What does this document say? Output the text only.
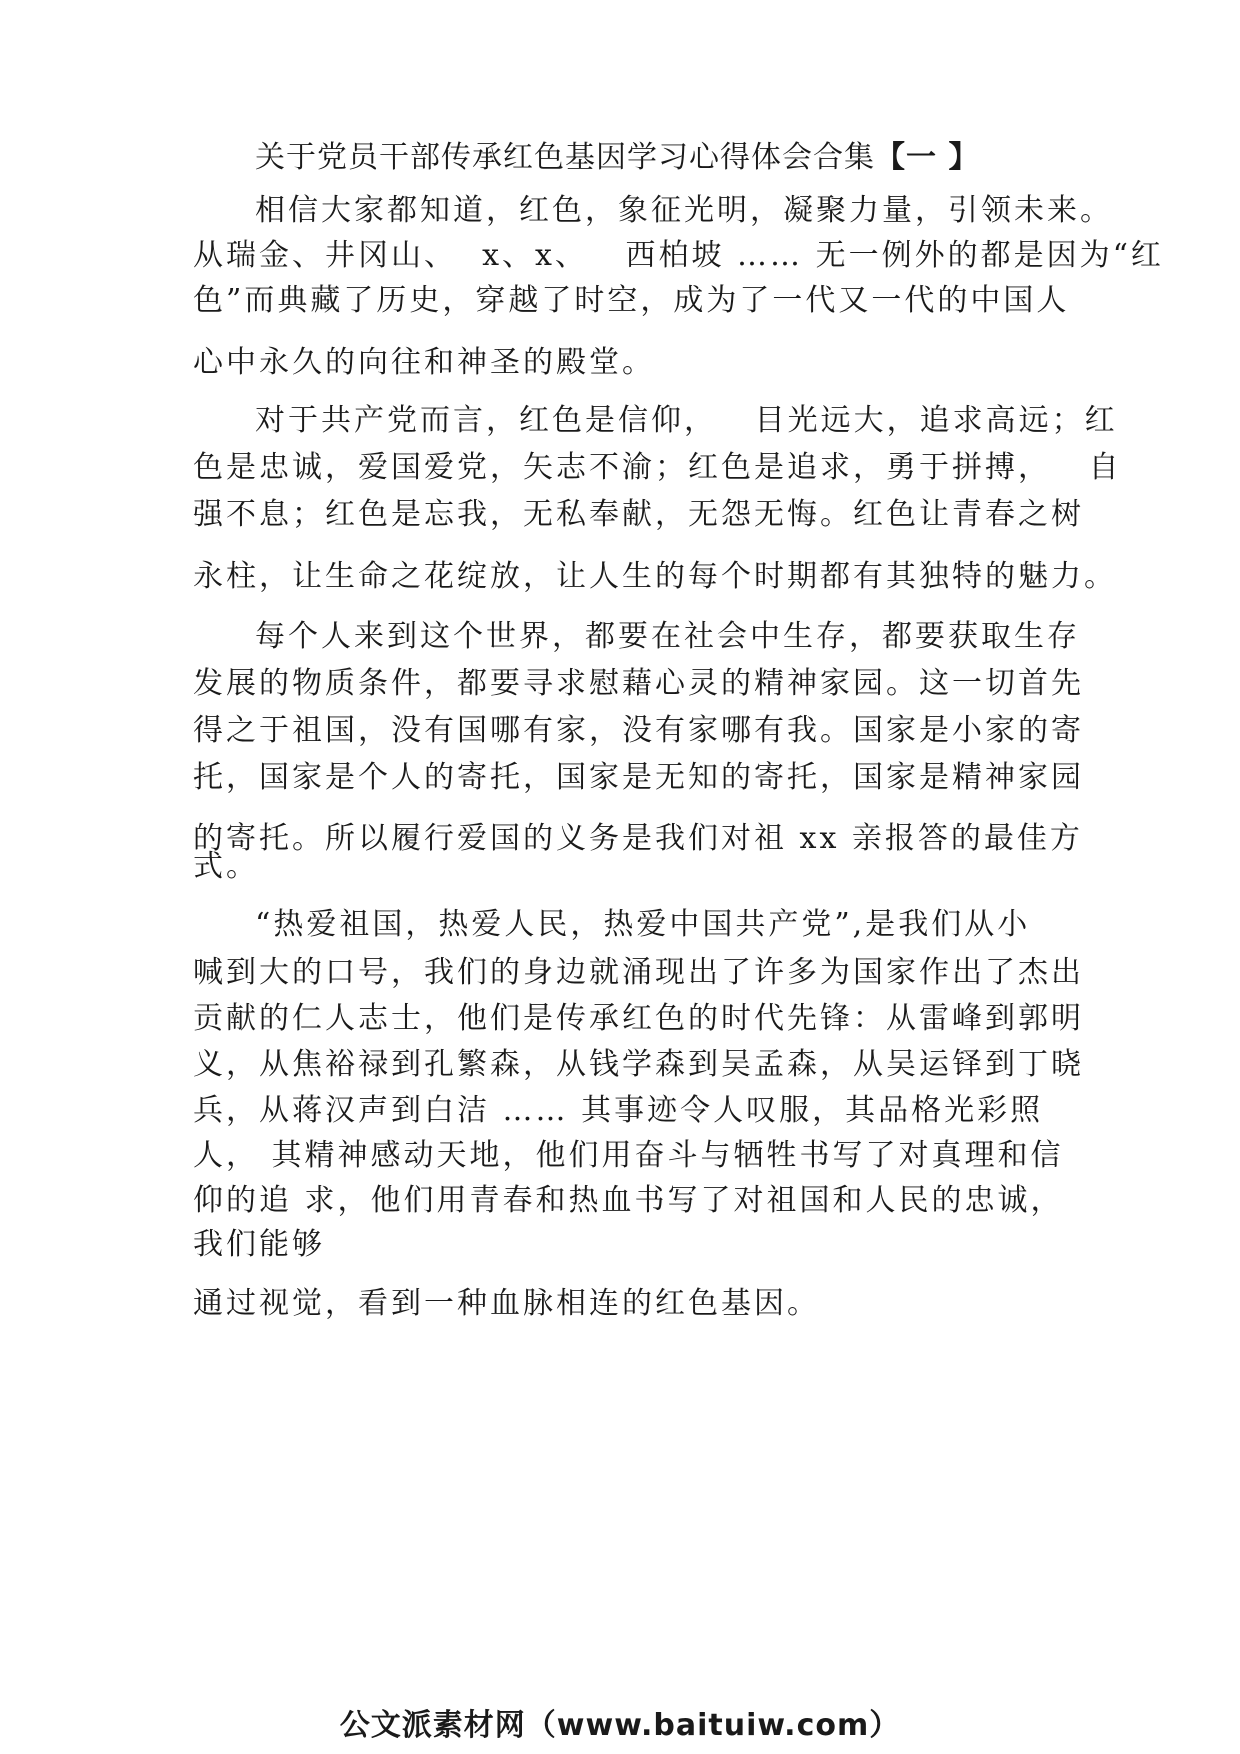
关于党员干部传承红色基因学习心得体会合集【一 】
相信大家都知道，红色，象征光明，凝聚力量，引领未来。
从瑞金、井冈山、  x、x、   西柏坡 …… 无一例外的都是因为“红
色”而典藏了历史，穿越了时空，成为了一代又一代的中国人
心中永久的向往和神圣的殿堂。
对于共产党而言，红色是信仰，   目光远大，追求高远；红
色是忠诚，爱国爱党，矢志不渝；红色是追求，勇于拼搏，   自
强不息；红色是忘我，无私奉献，无怨无悔。红色让青春之树
永柱，让生命之花绽放，让人生的每个时期都有其独特的魅力。
每个人来到这个世界，都要在社会中生存，都要获取生存
发展的物质条件，都要寻求慰藉心灵的精神家园。这一切首先
得之于祖国，没有国哪有家，没有家哪有我。国家是小家的寄
托，国家是个人的寄托，国家是无知的寄托，国家是精神家园
的寄托。所以履行爱国的义务是我们对祖 xx 亲报答的最佳方
式。
“热爱祖国，热爱人民，热爱中国共产党”,是我们从小
喊到大的口号，我们的身边就涌现出了许多为国家作出了杰出
贡献的仁人志士，他们是传承红色的时代先锋：从雷峰到郭明
义，从焦裕禄到孔繁森，从钱学森到吴孟森，从吴运铎到丁晓
兵，从蒋汉声到白洁 …… 其事迹令人叹服，其品格光彩照
人， 其精神感动天地，他们用奋斗与牺牲书写了对真理和信
仰的追 求，他们用青春和热血书写了对祖国和人民的忠诚，
我们能够
通过视觉，看到一种血脉相连的红色基因。
公文派素材网（www.baituiw.com）
